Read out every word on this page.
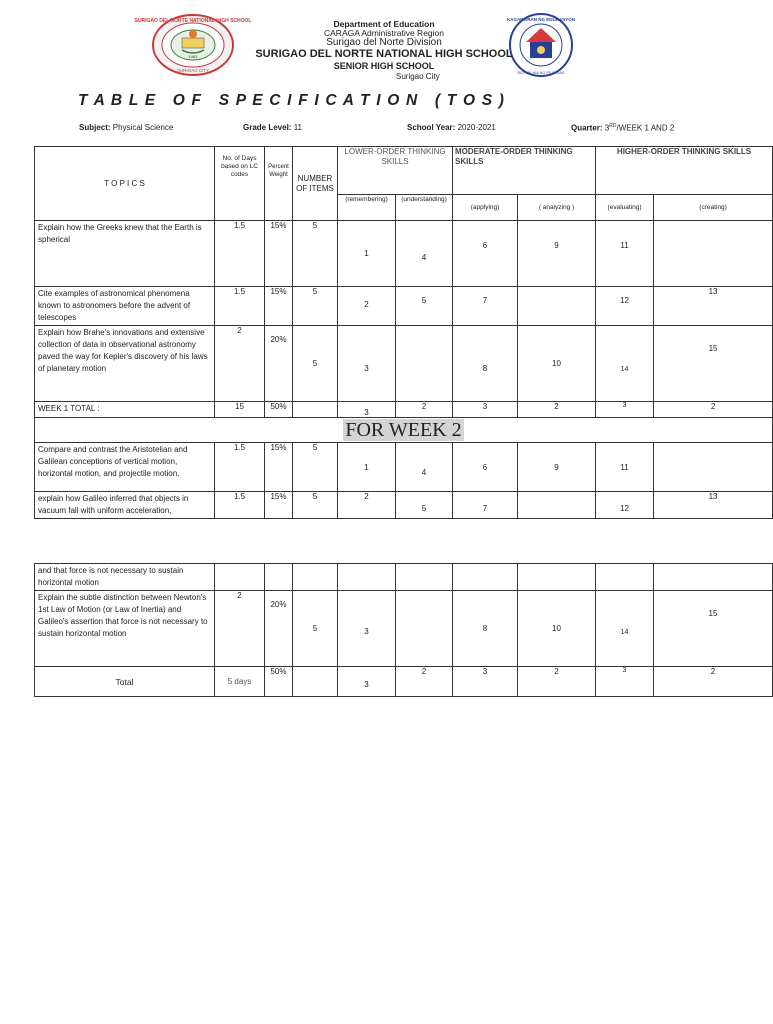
SURIGAO DEL NORTE NATIONAL HIGH SCHOOL
SURIGAO CITY
1963
KAGAWARAN NG EDUKASYON
REPUBLIKA NG PILIPINAS
Department of Education
CARAGA Administrative Region
Surigao del Norte Division
SURIGAO DEL NORTE NATIONAL HIGH SCHOOL
SENIOR HIGH SCHOOL
Surigao City
T A B L E   O F   S P E C I F I C A T I O N   ( T O S )
Subject: Physical Science	Grade Level: 11	School Year: 2020-2021	Quarter: 3RD/WEEK 1 AND 2
T O P I C S	No. of Days based on LC codes	Percent Weight	NUMBER OF ITEMS	LOWER-ORDER THINKING SKILLS		MODERATE-ORDER THINKING SKILLS		HIGHER-ORDER THINKING SKILLS	
				(remembering)	(understanding)	(applying)	( analyzing )	(evaluating)	(creating)
Explain how the Greeks knew that the Earth is spherical	1.5	15%	5	1	4	6	9	11	
Cite examples of astronomical phenomena known to astronomers before the advent of telescopes	1.5	15%	5	2	5	7		12	13
Explain how Brahe's innovations and extensive collection of data in observational astronomy paved the way for Kepler's discovery of his laws of planetary motion	2	20%	5	3		8	10	14	15
WEEK 1 TOTAL :	15	50%		3	2	3	2	3	2
FOR WEEK 2									
Compare and contrast the Aristotelian and Galilean conceptions of vertical motion, horizontal motion, and projectile motion.	1.5	15%	5	1	4	6	9	11	
explain how Galileo inferred that objects in vacuum fall with uniform acceleration,	1.5	15%	5	2	5	7		12	13
and that force is not necessary to sustain horizontal motion									
Explain the subtle distinction between Newton's 1st Law of Motion (or Law of Inertia) and Galileo's assertion that force is not necessary to sustain horizontal motion	2	20%	5	3		8	10	14	15
Total	5 days	50%		3	2	3	2	3	2
